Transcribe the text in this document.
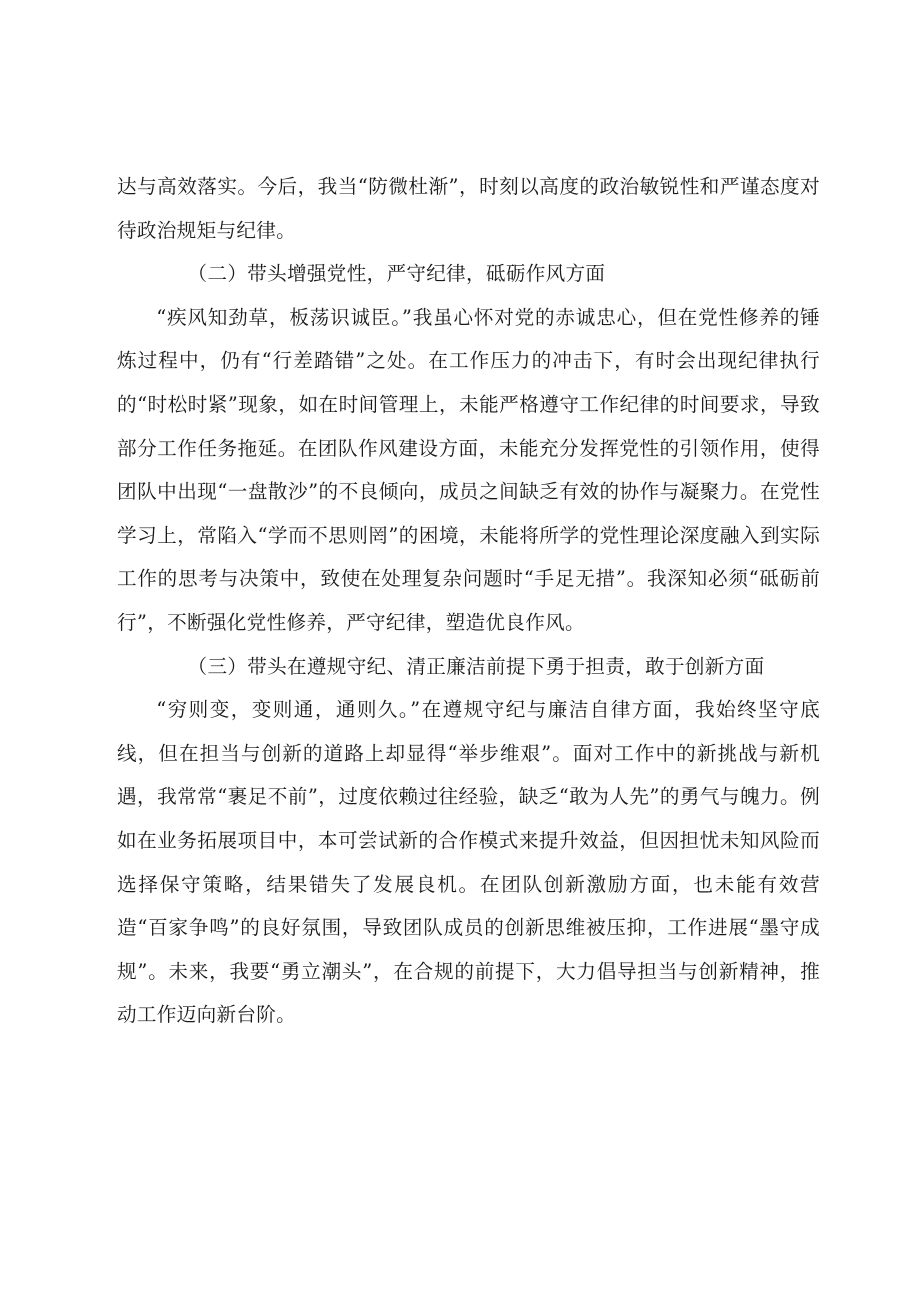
达与高效落实。今后，我当“防微杜渐”，时刻以高度的政治敏锐性和严谨态度对待政治规矩与纪律。

（二）带头增强党性，严守纪律，砥砺作风方面

“疾风知劲草，板荡识诚臣。”我虽心怀对党的赤诚忠心，但在党性修养的锤炼过程中，仍有“行差踏错”之处。在工作压力的冲击下，有时会出现纪律执行的“时松时紧”现象，如在时间管理上，未能严格遵守工作纪律的时间要求，导致部分工作任务拖延。在团队作风建设方面，未能充分发挥党性的引领作用，使得团队中出现“一盘散沙”的不良倾向，成员之间缺乏有效的协作与凝聚力。在党性学习上，常陷入“学而不思则罔”的困境，未能将所学的党性理论深度融入到实际工作的思考与决策中，致使在处理复杂问题时“手足无措”。我深知必须“砥砺前行”，不断强化党性修养，严守纪律，塑造优良作风。

（三）带头在遵规守纪、清正廉洁前提下勇于担责，敢于创新方面

“穷则变，变则通，通则久。”在遵规守纪与廉洁自律方面，我始终坚守底线，但在担当与创新的道路上却显得“举步维艰”。面对工作中的新挑战与新机遇，我常常“裹足不前”，过度依赖过往经验，缺乏“敢为人先”的勇气与魄力。例如在业务拓展项目中，本可尝试新的合作模式来提升效益，但因担忧未知风险而选择保守策略，结果错失了发展良机。在团队创新激励方面，也未能有效营造“百家争鸣”的良好氛围，导致团队成员的创新思维被压抑，工作进展“墨守成规”。未来，我要“勇立潮头”，在合规的前提下，大力倡导担当与创新精神，推动工作迈向新台阶。
